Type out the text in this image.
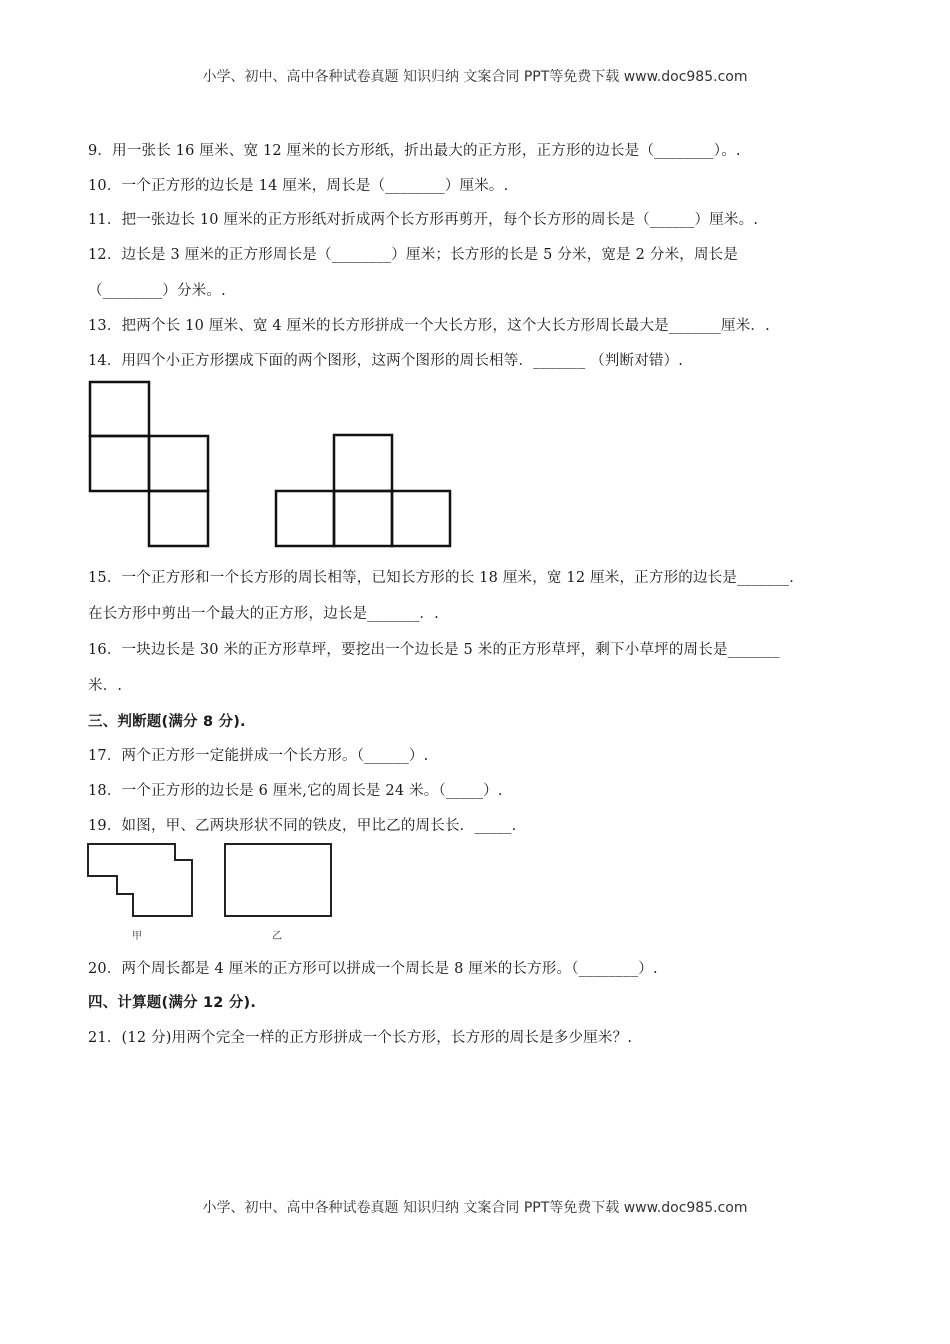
小学、初中、高中各种试卷真题 知识归纳 文案合同 PPT等免费下载 www.doc985.com
9．用一张长 16 厘米、宽 12 厘米的长方形纸，折出最大的正方形，正方形的边长是（________）。.
10．一个正方形的边长是 14 厘米，周长是（________）厘米。.
11．把一张边长 10 厘米的正方形纸对折成两个长方形再剪开，每个长方形的周长是（______）厘米。.
12．边长是 3 厘米的正方形周长是（________）厘米；长方形的长是 5 分米，宽是 2 分米，周长是
（________）分米。.
13．把两个长 10 厘米、宽 4 厘米的长方形拼成一个大长方形，这个大长方形周长最大是_______厘米．.
14．用四个小正方形摆成下面的两个图形，这两个图形的周长相等．_______ （判断对错）.
15．一个正方形和一个长方形的周长相等，已知长方形的长 18 厘米，宽 12 厘米，正方形的边长是_______．
在长方形中剪出一个最大的正方形，边长是_______．.
16．一块边长是 30 米的正方形草坪，要挖出一个边长是 5 米的正方形草坪，剩下小草坪的周长是_______
米．.
三、判断题(满分 8 分).
17．两个正方形一定能拼成一个长方形。（______）.
18．一个正方形的边长是 6 厘米,它的周长是 24 米。（_____）.
19．如图，甲、乙两块形状不同的铁皮，甲比乙的周长长．_____.
甲	乙
20．两个周长都是 4 厘米的正方形可以拼成一个周长是 8 厘米的长方形。（________）.
四、计算题(满分 12 分).
21．(12 分)用两个完全一样的正方形拼成一个长方形，长方形的周长是多少厘米？.
小学、初中、高中各种试卷真题 知识归纳 文案合同 PPT等免费下载 www.doc985.com
